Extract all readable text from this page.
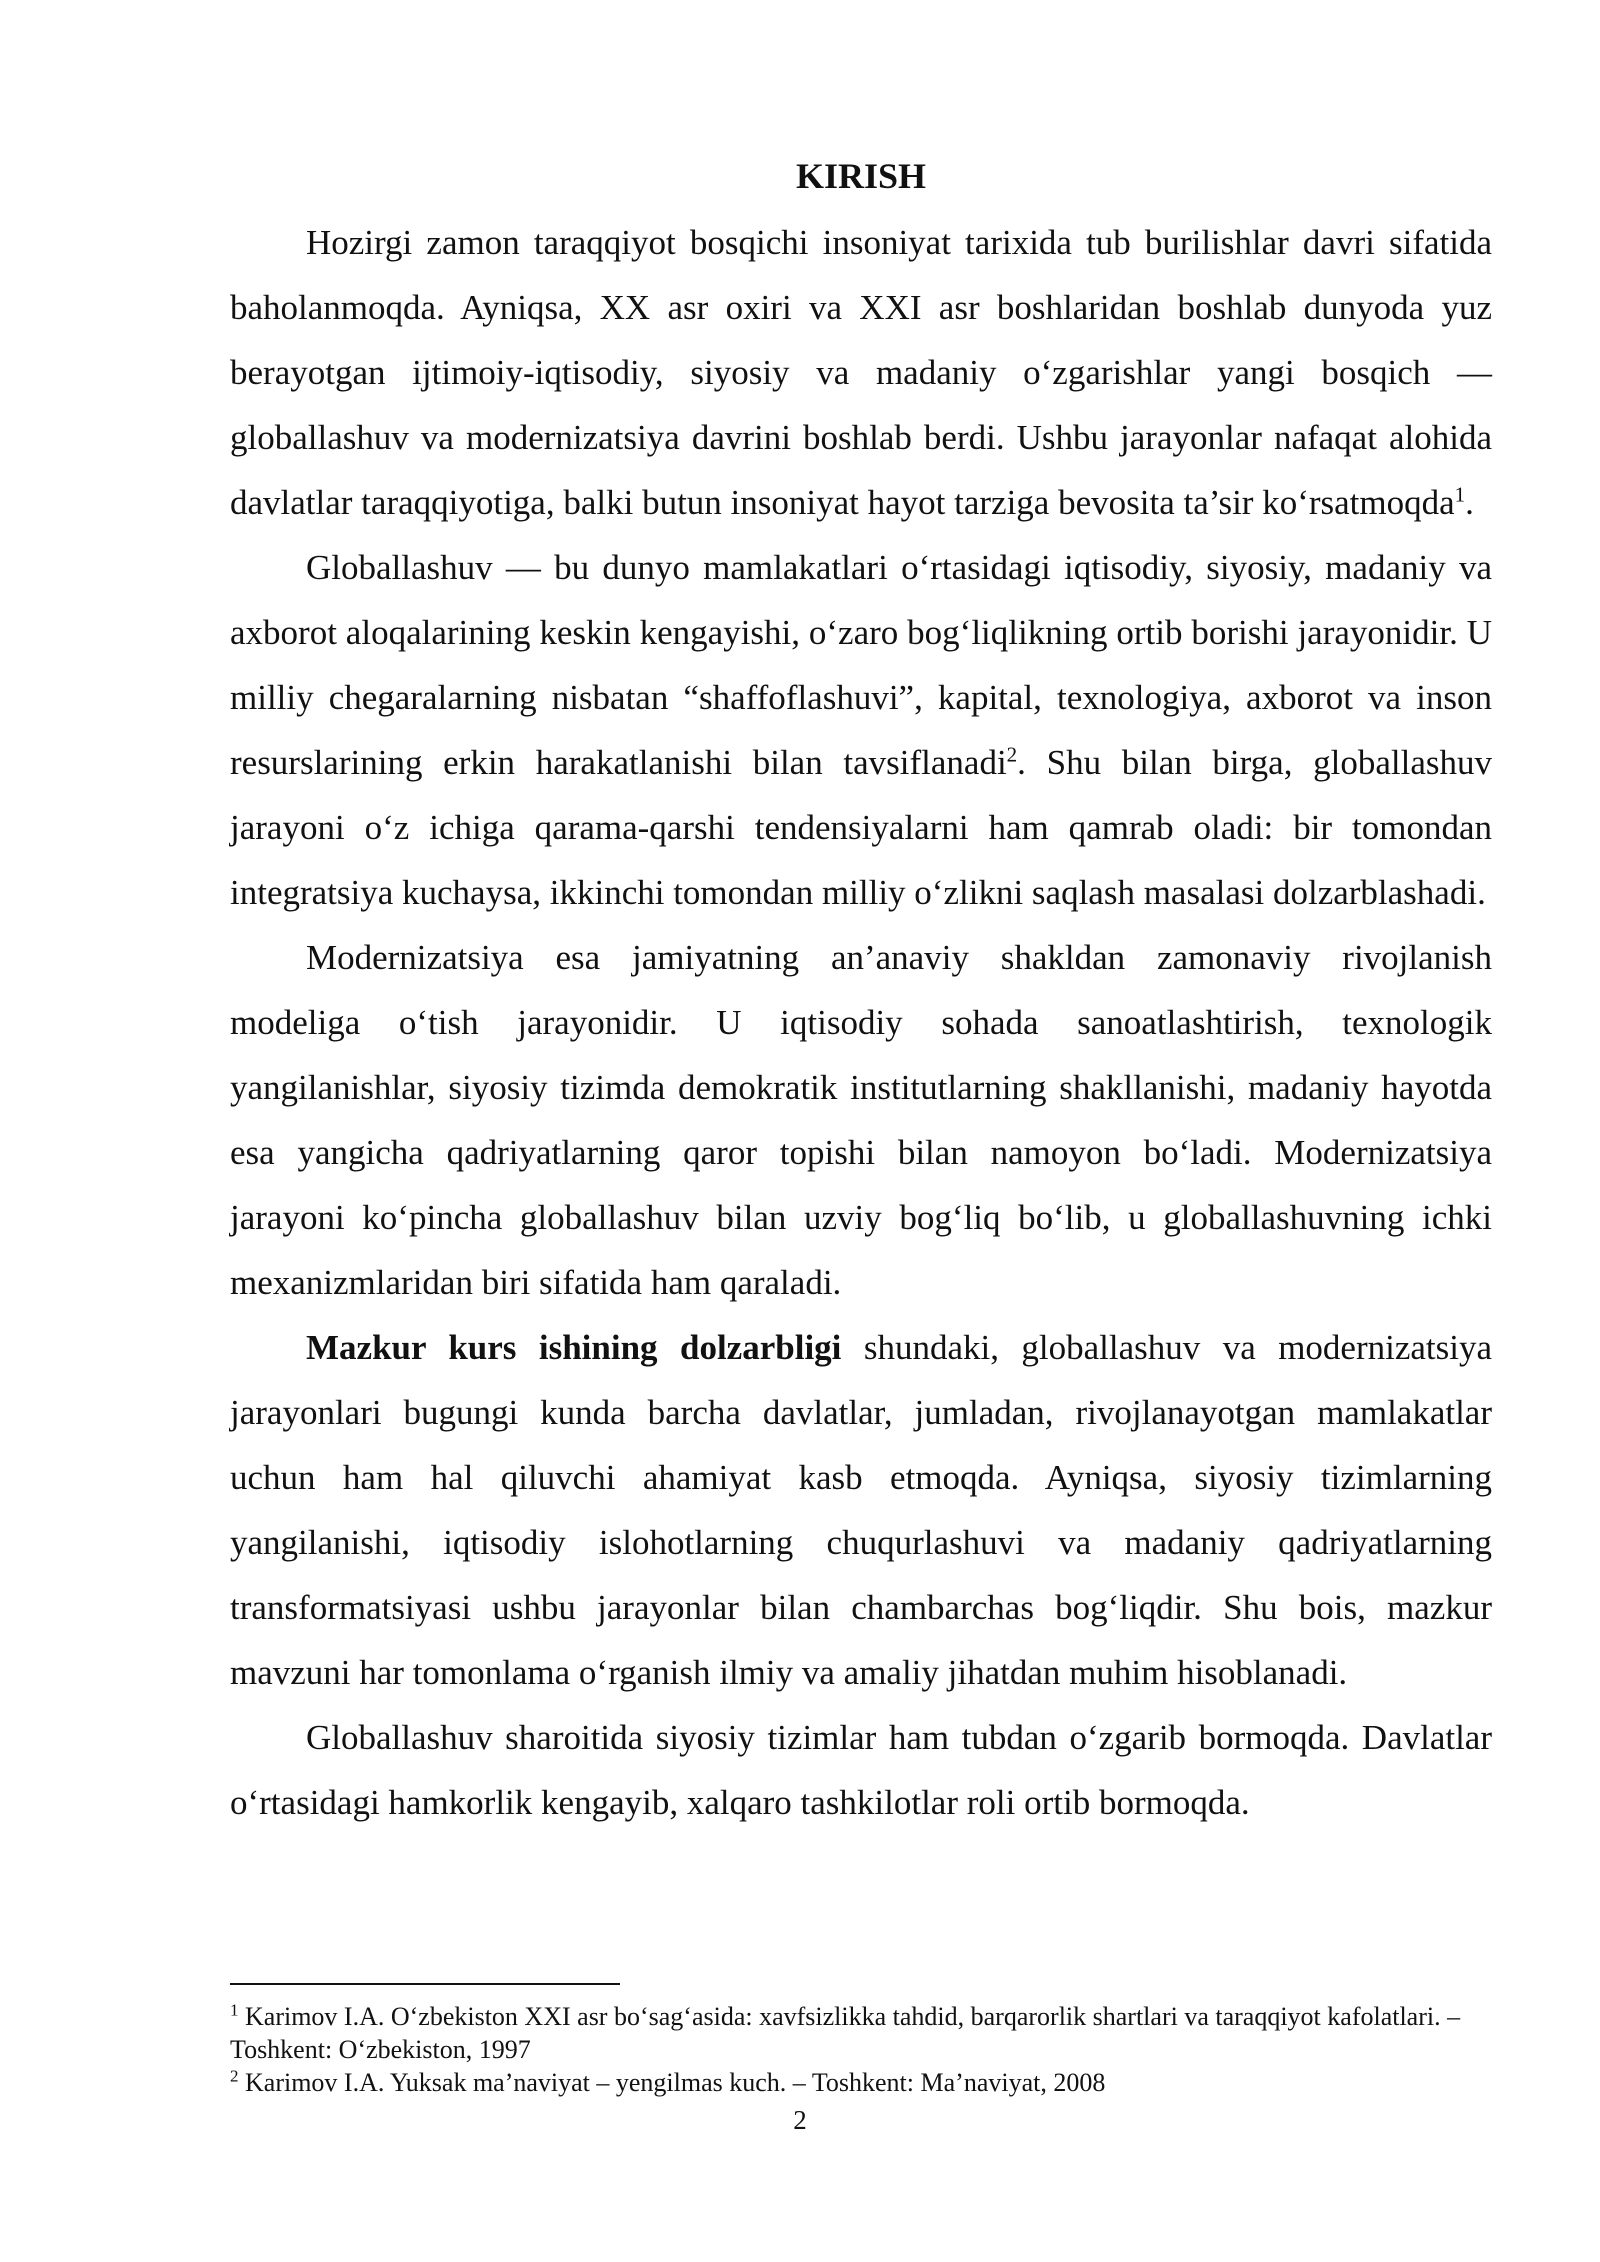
KIRISH

Hozirgi zamon taraqqiyot bosqichi insoniyat tarixida tub burilishlar davri sifatida baholanmoqda. Ayniqsa, XX asr oxiri va XXI asr boshlaridan boshlab dunyoda yuz berayotgan ijtimoiy-iqtisodiy, siyosiy va madaniy oʻzgarishlar yangi bosqich — globallashuv va modernizatsiya davrini boshlab berdi. Ushbu jarayonlar nafaqat alohida davlatlar taraqqiyotiga, balki butun insoniyat hayot tarziga bevosita ta’sir koʻrsatmoqda$^1$.

Globallashuv — bu dunyo mamlakatlari oʻrtasidagi iqtisodiy, siyosiy, madaniy va axborot aloqalarining keskin kengayishi, oʻzaro bogʻliqlikning ortib borishi jarayonidir. U milliy chegaralarning nisbatan “shaffoflashuvi”, kapital, texnologiya, axborot va inson resurslarining erkin harakatlanishi bilan tavsiflanadi$^2$. Shu bilan birga, globallashuv jarayoni oʻz ichiga qarama-qarshi tendensiyalarni ham qamrab oladi: bir tomondan integratsiya kuchaysa, ikkinchi tomondan milliy oʻzlikni saqlash masalasi dolzarblashadi.

Modernizatsiya esa jamiyatning an’anaviy shakldan zamonaviy rivojlanish modeliga oʻtish jarayonidir. U iqtisodiy sohada sanoatlashtirish, texnologik yangilanishlar, siyosiy tizimda demokratik institutlarning shakllanishi, madaniy hayotda esa yangicha qadriyatlarning qaror topishi bilan namoyon boʻladi. Modernizatsiya jarayoni koʻpincha globallashuv bilan uzviy bogʻliq boʻlib, u globallashuvning ichki mexanizmlaridan biri sifatida ham qaraladi.

Mazkur kurs ishining dolzarbligi shundaki, globallashuv va modernizatsiya jarayonlari bugungi kunda barcha davlatlar, jumladan, rivojlanayotgan mamlakatlar uchun ham hal qiluvchi ahamiyat kasb etmoqda. Ayniqsa, siyosiy tizimlarning yangilanishi, iqtisodiy islohotlarning chuqurlashuvi va madaniy qadriyatlarning transformatsiyasi ushbu jarayonlar bilan chambarchas bogʻliqdir. Shu bois, mazkur mavzuni har tomonlama oʻrganish ilmiy va amaliy jihatdan muhim hisoblanadi.

Globallashuv sharoitida siyosiy tizimlar ham tubdan oʻzgarib bormoqda. Davlatlar oʻrtasidagi hamkorlik kengayib, xalqaro tashkilotlar roli ortib bormoqda.

$^1$ Karimov I.A. Oʻzbekiston XXI asr boʻsagʻasida: xavfsizlikka tahdid, barqarorlik shartlari va taraqqiyot kafolatlari. – Toshkent: Oʻzbekiston, 1997

$^2$ Karimov I.A. Yuksak ma’naviyat – yengilmas kuch. – Toshkent: Ma’naviyat, 2008

2
